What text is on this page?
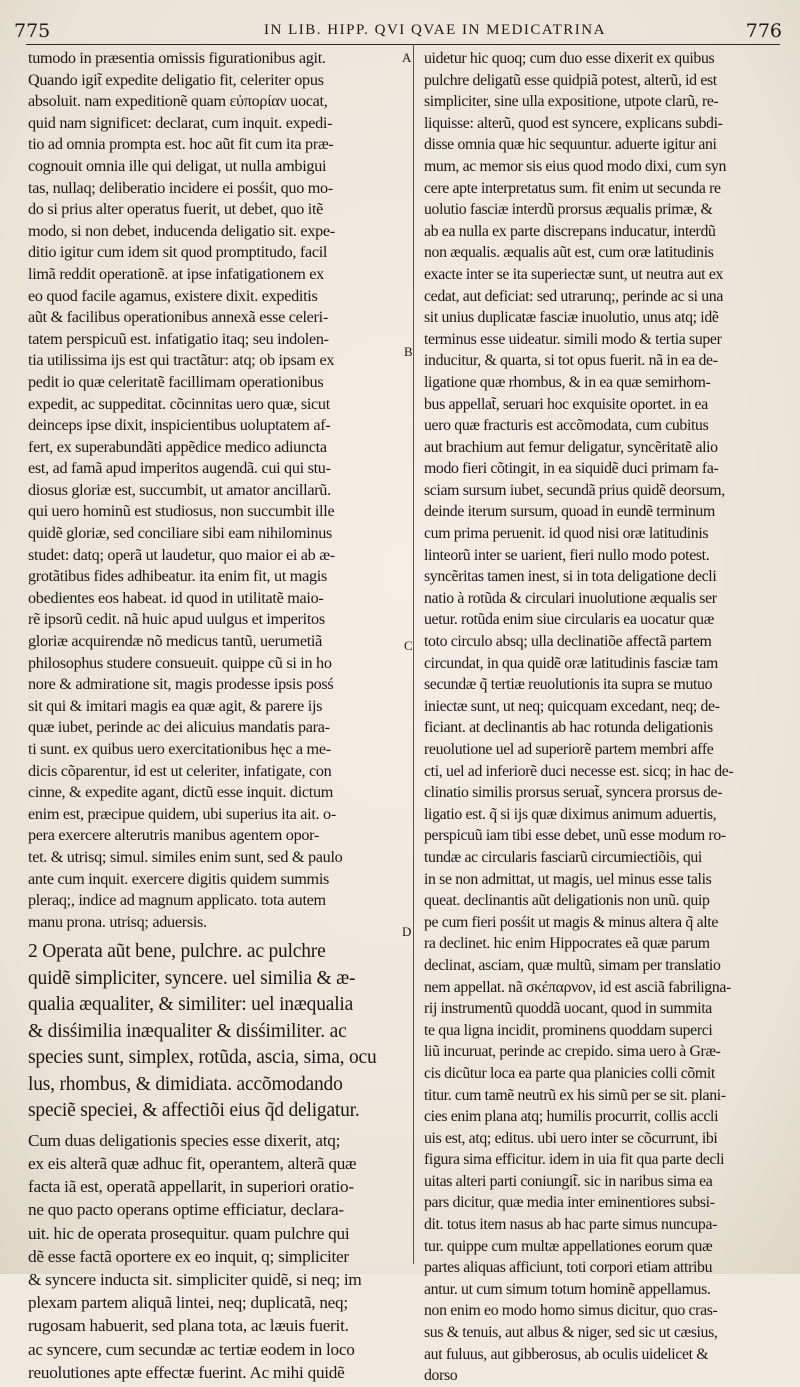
775	IN LIB. HIPP. QVI QVAE IN MEDICATRINA	776
A
B
C
D
tumodo in præsentia omissis figurationibus agit.
Quando igit̃ expedite deligatio fit, celeriter opus
absoluit. nam expeditionẽ quam εὐπορίαν uocat,
quid nam significet: declarat, cum inquit. expedi-
tio ad omnia prompta est. hoc aũt fit cum ita præ-
cognouit omnia ille qui deligat, ut nulla ambigui
tas, nullaq; deliberatio incidere ei posśit, quo mo-
do si prius alter operatus fuerit, ut debet, quo itẽ
modo, si non debet, inducenda deligatio sit. expe-
ditio igitur cum idem sit quod promptitudo, facil
limã reddit operationẽ. at ipse infatigationem ex
eo quod facile agamus, existere dixit. expeditis
aũt & facilibus operationibus annexã esse celeri-
tatem perspicuũ est. infatigatio itaq; seu indolen-
tia utilissima ijs est qui tractãtur: atq; ob ipsam ex
pedit io quæ celeritatẽ facillimam operationibus
expedit, ac suppeditat. cõcinnitas uero quæ, sicut
deinceps ipse dixit, inspicientibus uoluptatem af-
fert, ex superabundãti appẽdice medico adiuncta
est, ad famã apud imperitos augendã. cui qui stu-
diosus gloriæ est, succumbit, ut amator ancillarũ.
qui uero hominũ est studiosus, non succumbit ille
quidẽ gloriæ, sed conciliare sibi eam nihilominus
studet: datq; operã ut laudetur, quo maior ei ab æ-
grotãtibus fides adhibeatur. ita enim fit, ut magis
obedientes eos habeat. id quod in utilitatẽ maio-
rẽ ipsorũ cedit. nã huic apud uulgus et imperitos
gloriæ acquirendæ nõ medicus tantũ, uerumetiã
philosophus studere consueuit. quippe cũ si in ho
nore & admiratione sit, magis prodesse ipsis posś
sit qui & imitari magis ea quæ agit, & parere ijs
quæ iubet, perinde ac dei alicuius mandatis para-
ti sunt. ex quibus uero exercitationibus hęc a me-
dicis cõparentur, id est ut celeriter, infatigate, con
cinne, & expedite agant, dictũ esse inquit. dictum
enim est, præcipue quidem, ubi superius ita ait. o-
pera exercere alterutris manibus agentem opor-
tet. & utrisq; simul. similes enim sunt, sed & paulo
ante cum inquit. exercere digitis quidem summis
pleraq;, indice ad magnum applicato. tota autem
manu prona. utrisq; aduersis.
2 Operata aũt bene, pulchre. ac pulchre
quidẽ simpliciter, syncere. uel similia & æ-
qualia æqualiter, & similiter: uel inæqualia
& disśimilia inæqualiter & disśimiliter. ac
species sunt, simplex, rotũda, ascia, sima, ocu
lus, rhombus, & dimidiata. accõmodando
speciẽ speciei, & affectiõi eius q̃d deligatur.
Cum duas deligationis species esse dixerit, atq;
ex eis alterã quæ adhuc fit, operantem, alterã quæ
facta iã est, operatã appellarit, in superiori oratio-
ne quo pacto operans optime efficiatur, declara-
uit. hic de operata prosequitur. quam pulchre qui
dẽ esse factã oportere ex eo inquit, q; simpliciter
& syncere inducta sit. simpliciter quidẽ, si neq; im
plexam partem aliquã lintei, neq; duplicatã, neq;
rugosam habuerit, sed plana tota, ac læuis fuerit.
ac syncere, cum secundæ ac tertiæ eodem in loco
reuolutiones apte effectæ fuerint. Ac mihi quidẽ
uidetur hic quoq; cum duo esse dixerit ex quibus
pulchre deligatũ esse quidpiã potest, alterũ, id est
simpliciter, sine ulla expositione, utpote clarũ, re-
liquisse: alterũ, quod est syncere, explicans subdi-
disse omnia quæ hic sequuntur. aduerte igitur ani
mum, ac memor sis eius quod modo dixi, cum syn
cere apte interpretatus sum. fit enim ut secunda re
uolutio fasciæ interdũ prorsus æqualis primæ, &
ab ea nulla ex parte discrepans inducatur, interdũ
non æqualis. æqualis aũt est, cum oræ latitudinis
exacte inter se ita superiectæ sunt, ut neutra aut ex
cedat, aut deficiat: sed utrarunq;, perinde ac si una
sit unius duplicatæ fasciæ inuolutio, unus atq; idẽ
terminus esse uideatur. simili modo & tertia super
inducitur, & quarta, si tot opus fuerit. nã in ea de-
ligatione quæ rhombus, & in ea quæ semirhom-
bus appellat̃, seruari hoc exquisite oportet. in ea
uero quæ fracturis est accõmodata, cum cubitus
aut brachium aut femur deligatur, syncẽritatẽ alio
modo fieri cõtingit, in ea siquidẽ duci primam fa-
sciam sursum iubet, secundã prius quidẽ deorsum,
deinde iterum sursum, quoad in eundẽ terminum
cum prima peruenit. id quod nisi oræ latitudinis
linteorũ inter se uarient, fieri nullo modo potest.
syncẽritas tamen inest, si in tota deligatione decli
natio à rotũda & circulari inuolutione æqualis ser
uetur. rotũda enim siue circularis ea uocatur quæ
toto circulo absq; ulla declinatiõe affectã partem
circundat, in qua quidẽ oræ latitudinis fasciæ tam
secundæ q̃ tertiæ reuolutionis ita supra se mutuo
iniectæ sunt, ut neq; quicquam excedant, neq; de-
ficiant. at declinantis ab hac rotunda deligationis
reuolutione uel ad superiorẽ partem membri affe
cti, uel ad inferiorẽ duci necesse est. sicq; in hac de-
clinatio similis prorsus seruat̃, syncera prorsus de-
ligatio est. q̃ si ijs quæ diximus animum aduertis,
perspicuũ iam tibi esse debet, unũ esse modum ro-
tundæ ac circularis fasciarũ circumiectiõis, qui
in se non admittat, ut magis, uel minus esse talis
queat. declinantis aũt deligationis non unũ. quip
pe cum fieri posśit ut magis & minus altera q̃ alte
ra declinet. hic enim Hippocrates eã quæ parum
declinat, asciam, quæ multũ, simam per translatio
nem appellat. nã σκέπαρνον, id est asciã fabriligna-
rij instrumentũ quoddã uocant, quod in summita
te qua ligna incidit, prominens quoddam superci
liũ incuruat, perinde ac crepido. sima uero à Græ-
cis dicũtur loca ea parte qua planicies colli cõmit
titur. cum tamẽ neutrũ ex his simũ per se sit. plani-
cies enim plana atq; humilis procurrit, collis accli
uis est, atq; editus. ubi uero inter se cõcurrunt, ibi
figura sima efficitur. idem in uia fit qua parte decli
uitas alteri parti coniungit̃. sic in naribus sima ea
pars dicitur, quæ media inter eminentiores subsi-
dit. totus item nasus ab hac parte simus nuncupa-
tur. quippe cum multæ appellationes eorum quæ
partes aliquas afficiunt, toti corpori etiam attribu
antur. ut cum simum totum hominẽ appellamus.
non enim eo modo homo simus dicitur, quo cras-
sus & tenuis, aut albus & niger, sed sic ut cæsius,
aut fuluus, aut gibberosus, ab oculis uidelicet &
dorso
